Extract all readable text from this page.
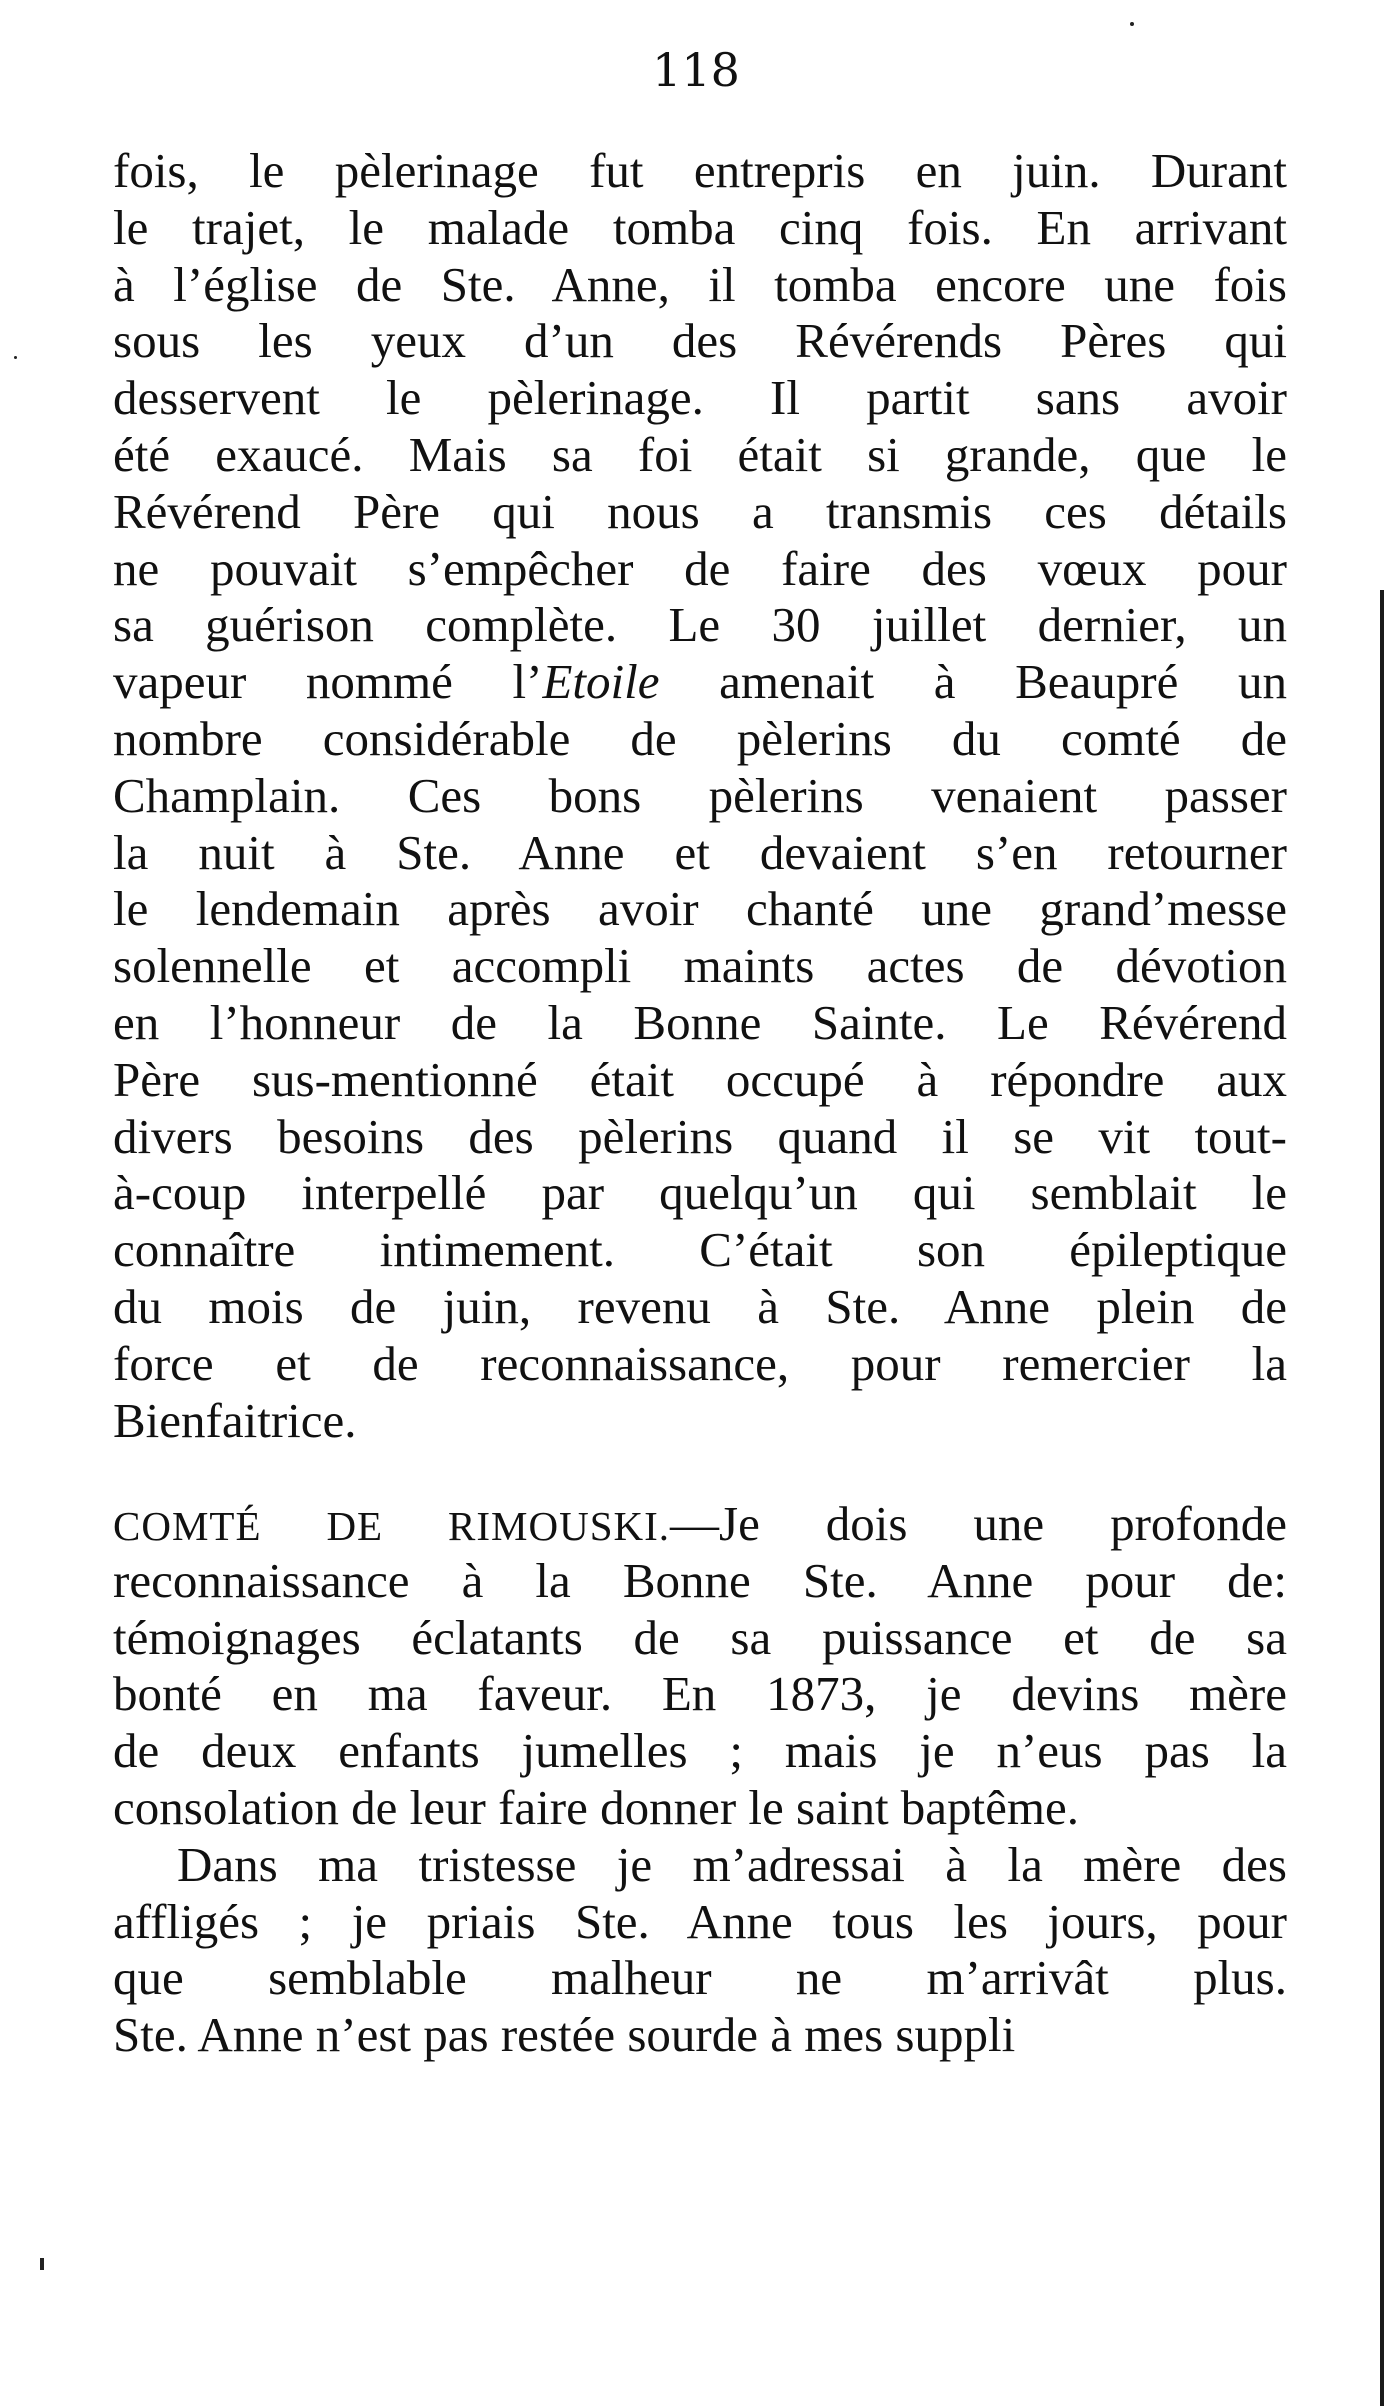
118
fois, le pèlerinage fut entrepris en juin. Durant
le trajet, le malade tomba cinq fois. En arrivant
à l’église de Ste. Anne, il tomba encore une fois
sous les yeux d’un des Révérends Pères qui
desservent le pèlerinage. Il partit sans avoir
été exaucé. Mais sa foi était si grande, que le
Révérend Père qui nous a transmis ces détails
ne pouvait s’empêcher de faire des vœux pour
sa guérison complète. Le 30 juillet dernier, un
vapeur nommé l’Etoile amenait à Beaupré un
nombre considérable de pèlerins du comté de
Champlain. Ces bons pèlerins venaient passer
la nuit à Ste. Anne et devaient s’en retourner
le lendemain après avoir chanté une grand’messe
solennelle et accompli maints actes de dévotion
en l’honneur de la Bonne Sainte. Le Révérend
Père sus-mentionné était occupé à répondre aux
divers besoins des pèlerins quand il se vit tout-
à-coup interpellé par quelqu’un qui semblait le
connaître intimement. C’était son épileptique
du mois de juin, revenu à Ste. Anne plein de
force et de reconnaissance, pour remercier la
Bienfaitrice.
COMTÉ DE RIMOUSKI.—Je dois une profonde
reconnaissance à la Bonne Ste. Anne pour de:
témoignages éclatants de sa puissance et de sa
bonté en ma faveur. En 1873, je devins mère
de deux enfants jumelles ; mais je n’eus pas la
consolation de leur faire donner le saint baptême.
Dans ma tristesse je m’adressai à la mère des
affligés ; je priais Ste. Anne tous les jours, pour
que semblable malheur ne m’arrivât plus.
Ste. Anne n’est pas restée sourde à mes suppli
